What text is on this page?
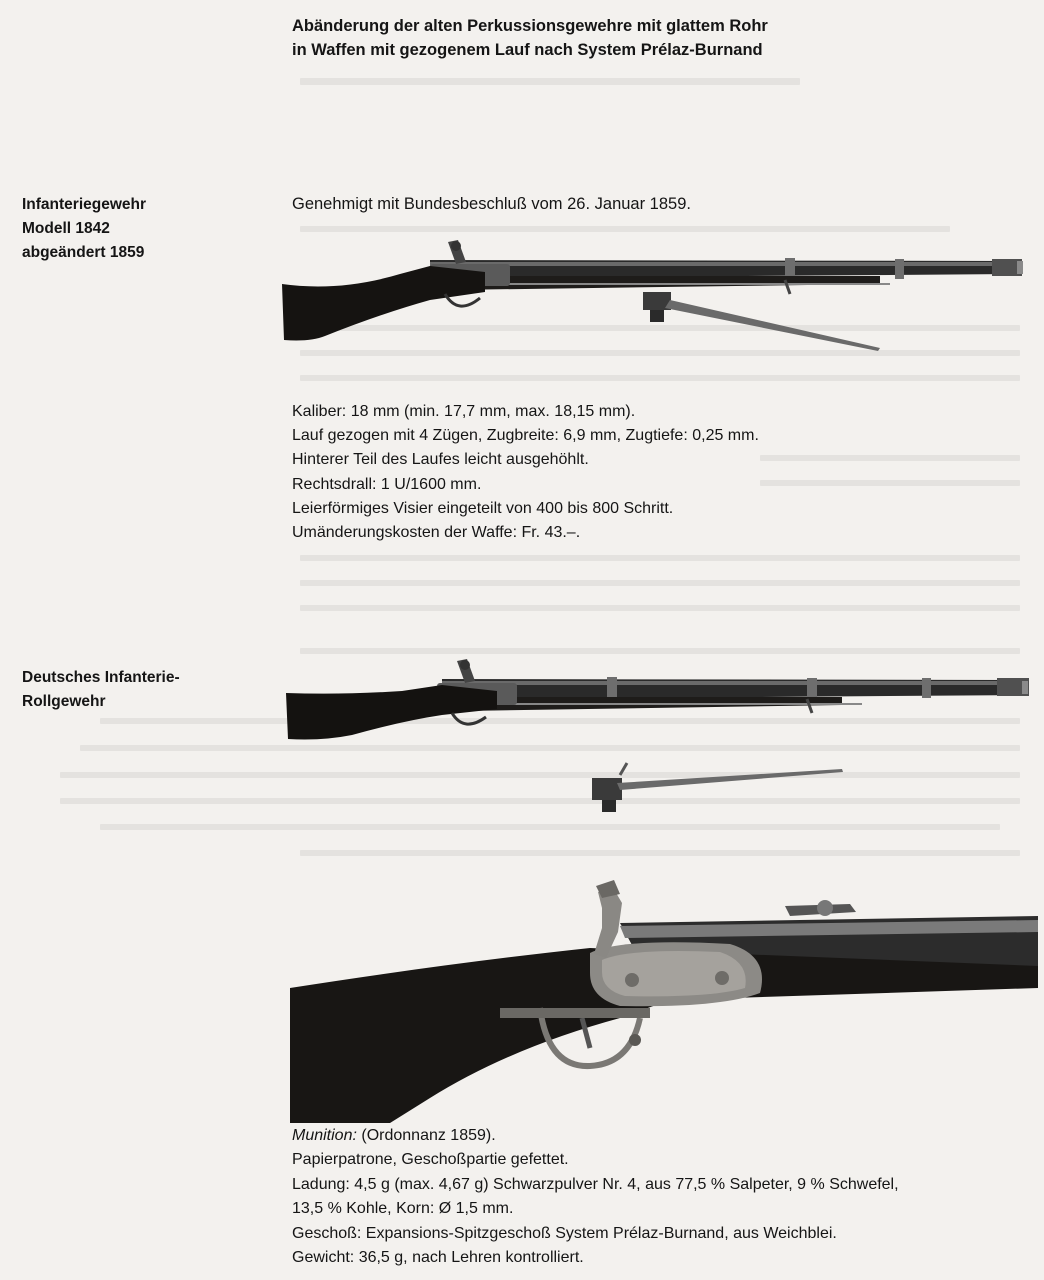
Abänderung der alten Perkussionsgewehre mit glattem Rohr
in Waffen mit gezogenem Lauf nach System Prélaz-Burnand
Infanteriegewehr
Modell 1842
abgeändert 1859
Genehmigt mit Bundesbeschluß vom 26. Januar 1859.
Kaliber: 18 mm (min. 17,7 mm, max. 18,15 mm).
Lauf gezogen mit 4 Zügen, Zugbreite: 6,9 mm, Zugtiefe: 0,25 mm.
Hinterer Teil des Laufes leicht ausgehöhlt.
Rechtsdrall: 1 U/1600 mm.
Leierförmiges Visier eingeteilt von 400 bis 800 Schritt.
Umänderungskosten der Waffe: Fr. 43.–.
Deutsches Infanterie-
Rollgewehr
Munition: (Ordonnanz 1859).
Papierpatrone, Geschoßpartie gefettet.
Ladung: 4,5 g (max. 4,67 g) Schwarzpulver Nr. 4, aus 77,5 % Salpeter, 9 % Schwefel,
13,5 % Kohle, Korn: Ø 1,5 mm.
Geschoß: Expansions-Spitzgeschoß System Prélaz-Burnand, aus Weichblei.
Gewicht: 36,5 g, nach Lehren kontrolliert.
